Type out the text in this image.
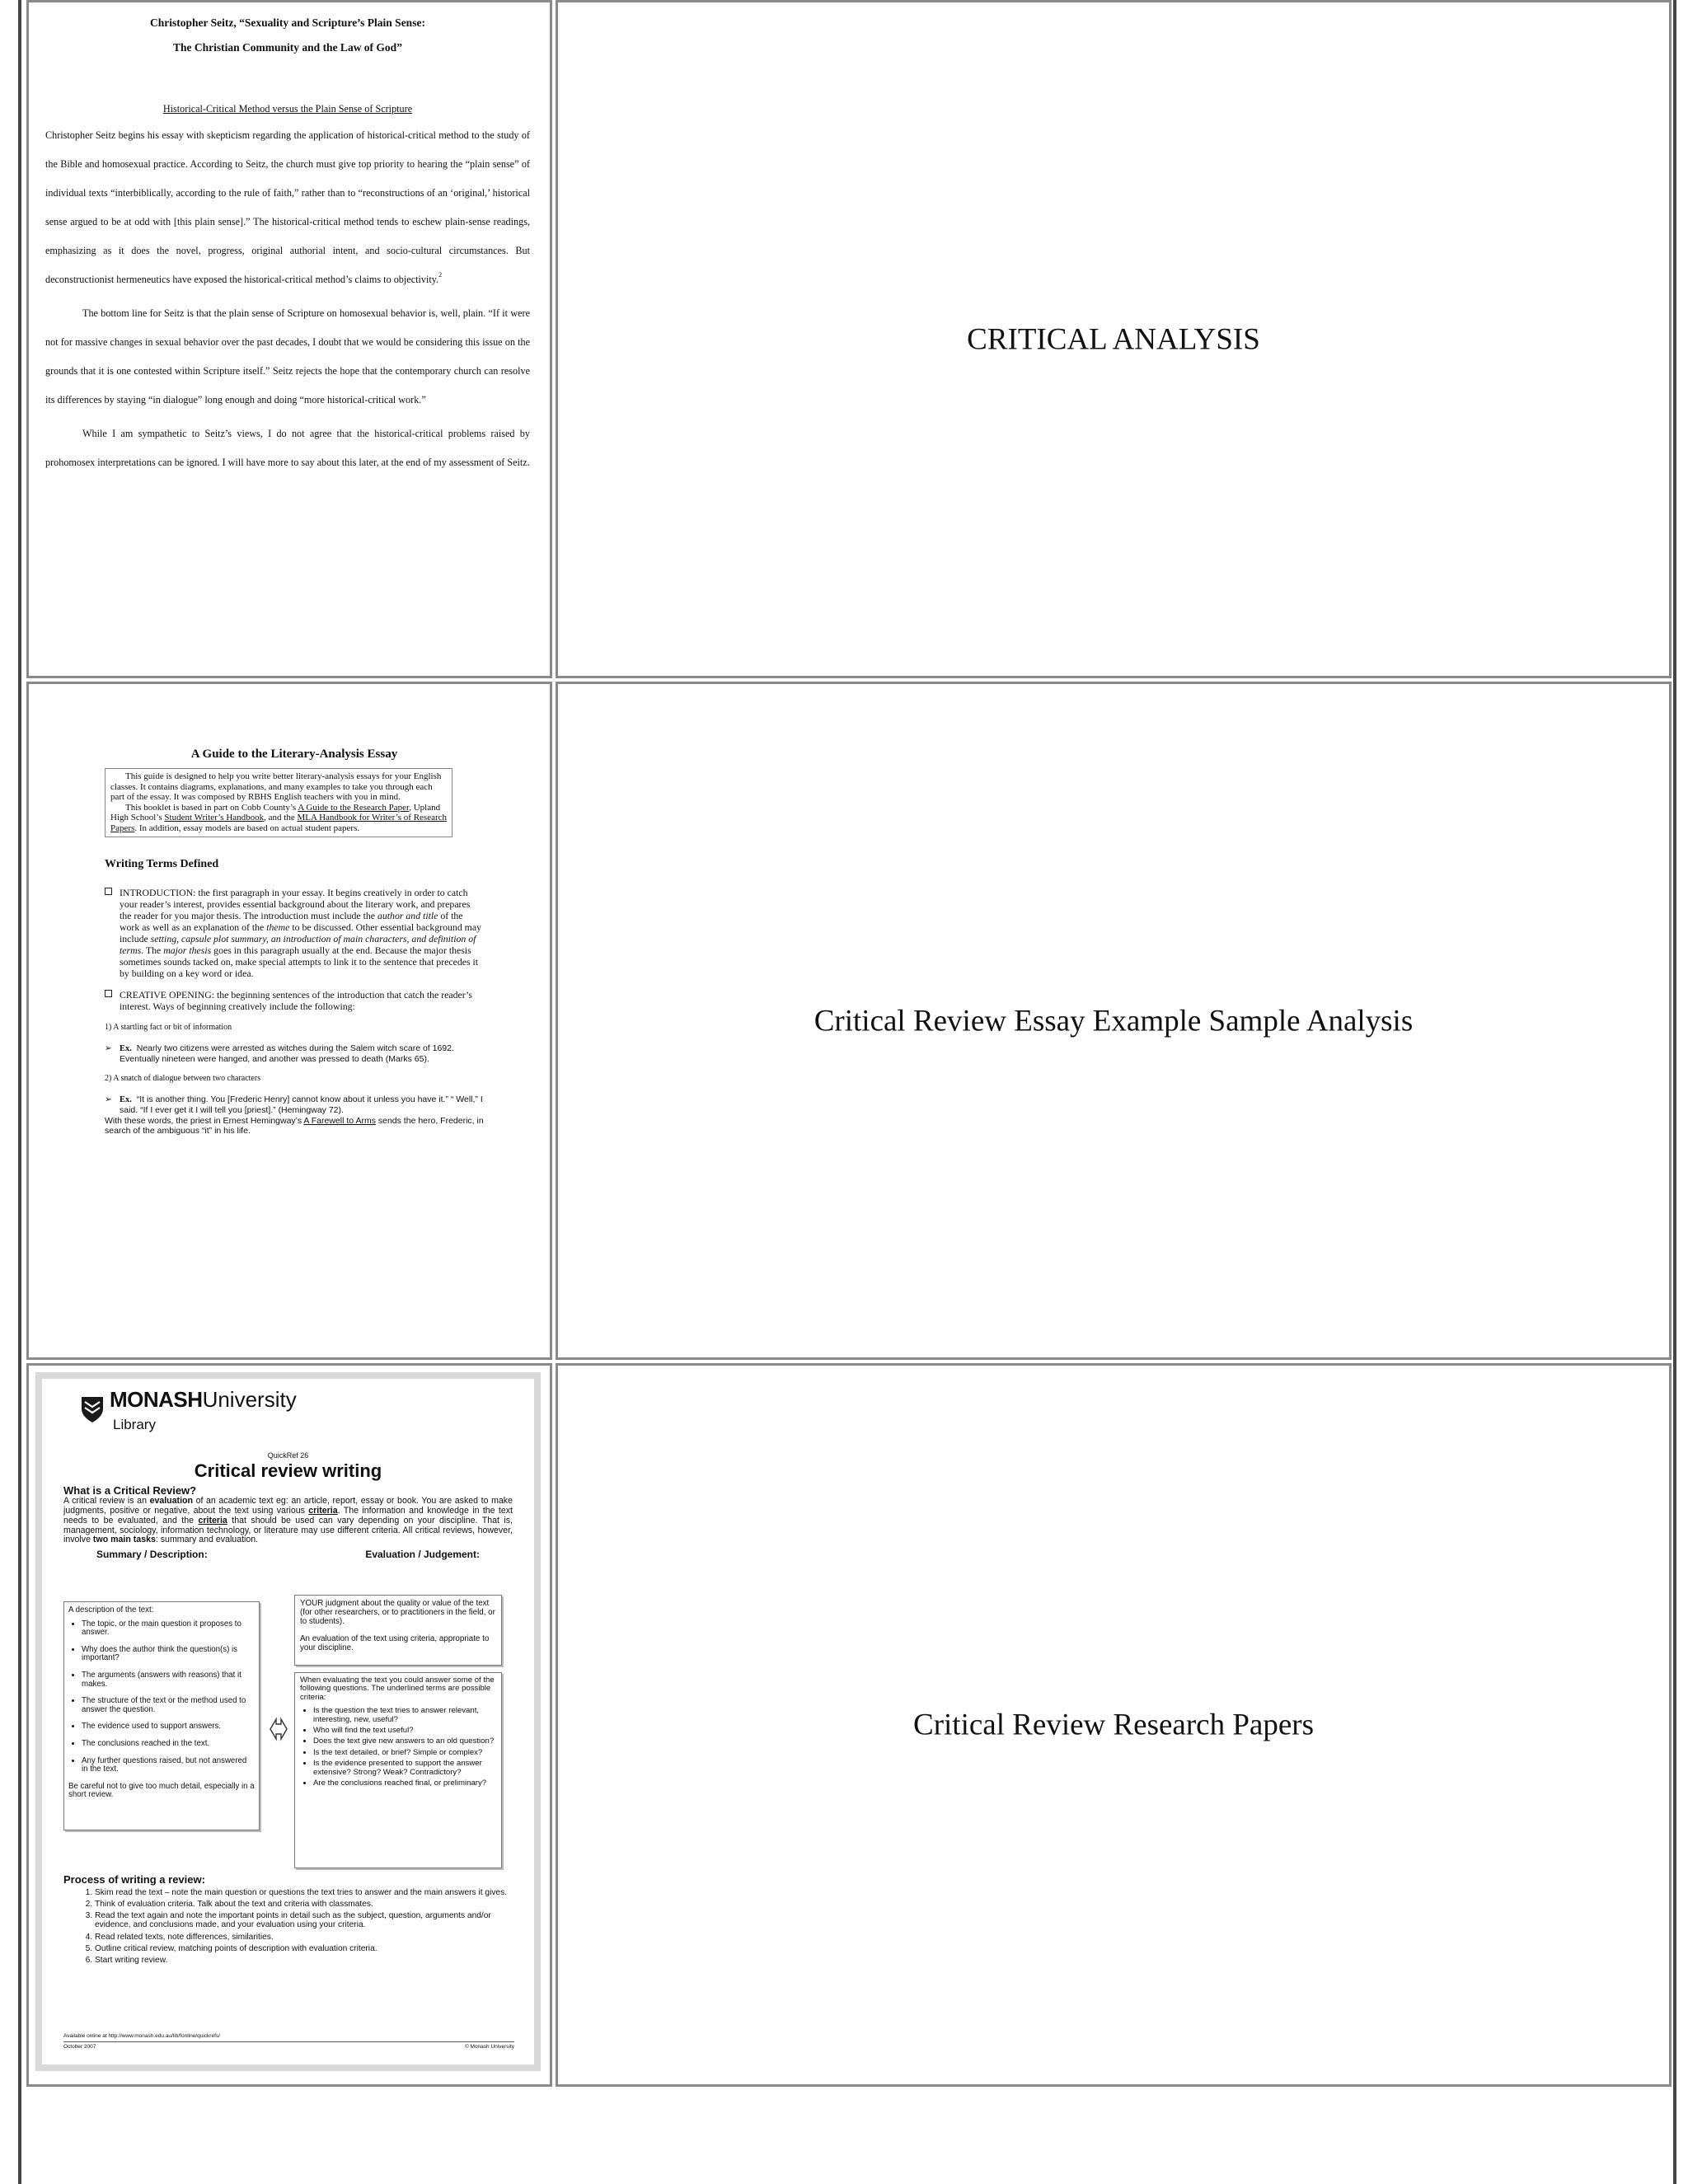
Christopher Seitz, “Sexuality and Scripture’s Plain Sense:
The Christian Community and the Law of God”
Historical-Critical Method versus the Plain Sense of Scripture

Christopher Seitz begins his essay with skepticism regarding the application of historical-critical method to the study of the Bible and homosexual practice. According to Seitz, the church must give top priority to hearing the “plain sense” of individual texts “interbiblically, according to the rule of faith,” rather than to “reconstructions of an ‘original,’ historical sense argued to be at odd with [this plain sense].” The historical-critical method tends to eschew plain-sense readings, emphasizing as it does the novel, progress, original authorial intent, and socio-cultural circumstances. But deconstructionist hermeneutics have exposed the historical-critical method’s claims to objectivity.$^2$

The bottom line for Seitz is that the plain sense of Scripture on homosexual behavior is, well, plain. “If it were not for massive changes in sexual behavior over the past decades, I doubt that we would be considering this issue on the grounds that it is one contested within Scripture itself.” Seitz rejects the hope that the contemporary church can resolve its differences by staying “in dialogue” long enough and doing “more historical-critical work.”

While I am sympathetic to Seitz’s views, I do not agree that the historical-critical problems raised by prohomosex interpretations can be ignored. I will have more to say about this later, at the end of my assessment of Seitz.

CRITICAL ANALYSIS
A Guide to the Literary-Analysis Essay
This guide is designed to help you write better literary-analysis essays for your English classes. It contains diagrams, explanations, and many examples to take you through each part of the essay. It was composed by RBHS English teachers with you in mind.
This booklet is based in part on Cobb County’s A Guide to the Research Paper, Upland High School’s Student Writer’s Handbook, and the MLA Handbook for Writer’s of Research Papers. In addition, essay models are based on actual student papers.
Writing Terms Defined
INTRODUCTION: the first paragraph in your essay. It begins creatively in order to catch your reader’s interest, provides essential background about the literary work, and prepares the reader for you major thesis. The introduction must include the author and title of the work as well as an explanation of the theme to be discussed. Other essential background may include setting, capsule plot summary, an introduction of main characters, and definition of terms. The major thesis goes in this paragraph usually at the end. Because the major thesis sometimes sounds tacked on, make special attempts to link it to the sentence that precedes it by building on a key word or idea.
CREATIVE OPENING: the beginning sentences of the introduction that catch the reader’s interest. Ways of beginning creatively include the following:
1) A startling fact or bit of information
➢ Ex. Nearly two citizens were arrested as witches during the Salem witch scare of 1692. Eventually nineteen were hanged, and another was pressed to death (Marks 65).
2) A snatch of dialogue between two characters
➢ Ex. “It is another thing. You [Frederic Henry] cannot know about it unless you have it.” “ Well,” I said. “If I ever get it I will tell you [priest].” (Hemingway 72).
With these words, the priest in Ernest Hemingway’s A Farewell to Arms sends the hero, Frederic, in search of the ambiguous “it” in his life.
Critical Review Essay Example Sample Analysis
MONASH University
Library
QuickRef 26
Critical review writing
What is a Critical Review?
A critical review is an evaluation of an academic text eg: an article, report, essay or book. You are asked to make judgments, positive or negative, about the text using various criteria. The information and knowledge in the text needs to be evaluated, and the criteria that should be used can vary depending on your discipline. That is, management, sociology, information technology, or literature may use different criteria. All critical reviews, however, involve two main tasks: summary and evaluation.
Summary / Description:	Evaluation / Judgement:
A description of the text:
• The topic, or the main question it proposes to answer.
• Why does the author think the question(s) is important?
• The arguments (answers with reasons) that it makes.
• The structure of the text or the method used to answer the question.
• The evidence used to support answers.
• The conclusions reached in the text.
• Any further questions raised, but not answered in the text.
Be careful not to give too much detail, especially in a short review.
YOUR judgment about the quality or value of the text (for other researchers, or to practitioners in the field, or to students).
An evaluation of the text using criteria, appropriate to your discipline.
When evaluating the text you could answer some of the following questions. The underlined terms are possible criteria:
• Is the question the text tries to answer relevant, interesting, new, useful?
• Who will find the text useful?
• Does the text give new answers to an old question?
• Is the text detailed, or brief? Simple or complex?
• Is the evidence presented to support the answer extensive? Strong? Weak? Contradictory?
• Are the conclusions reached final, or preliminary?
Process of writing a review:
1. Skim read the text – note the main question or questions the text tries to answer and the main answers it gives.
2. Think of evaluation criteria. Talk about the text and criteria with classmates.
3. Read the text again and note the important points in detail such as the subject, question, arguments and/or evidence, and conclusions made, and your evaluation using your criteria.
4. Read related texts, note differences, similarities.
5. Outline critical review, matching points of description with evaluation criteria.
6. Start writing review.
Available online at http://www.monash.edu.au/lib/fonline/quickrefs/
October 2007	© Monash University
Critical Review Research Papers
